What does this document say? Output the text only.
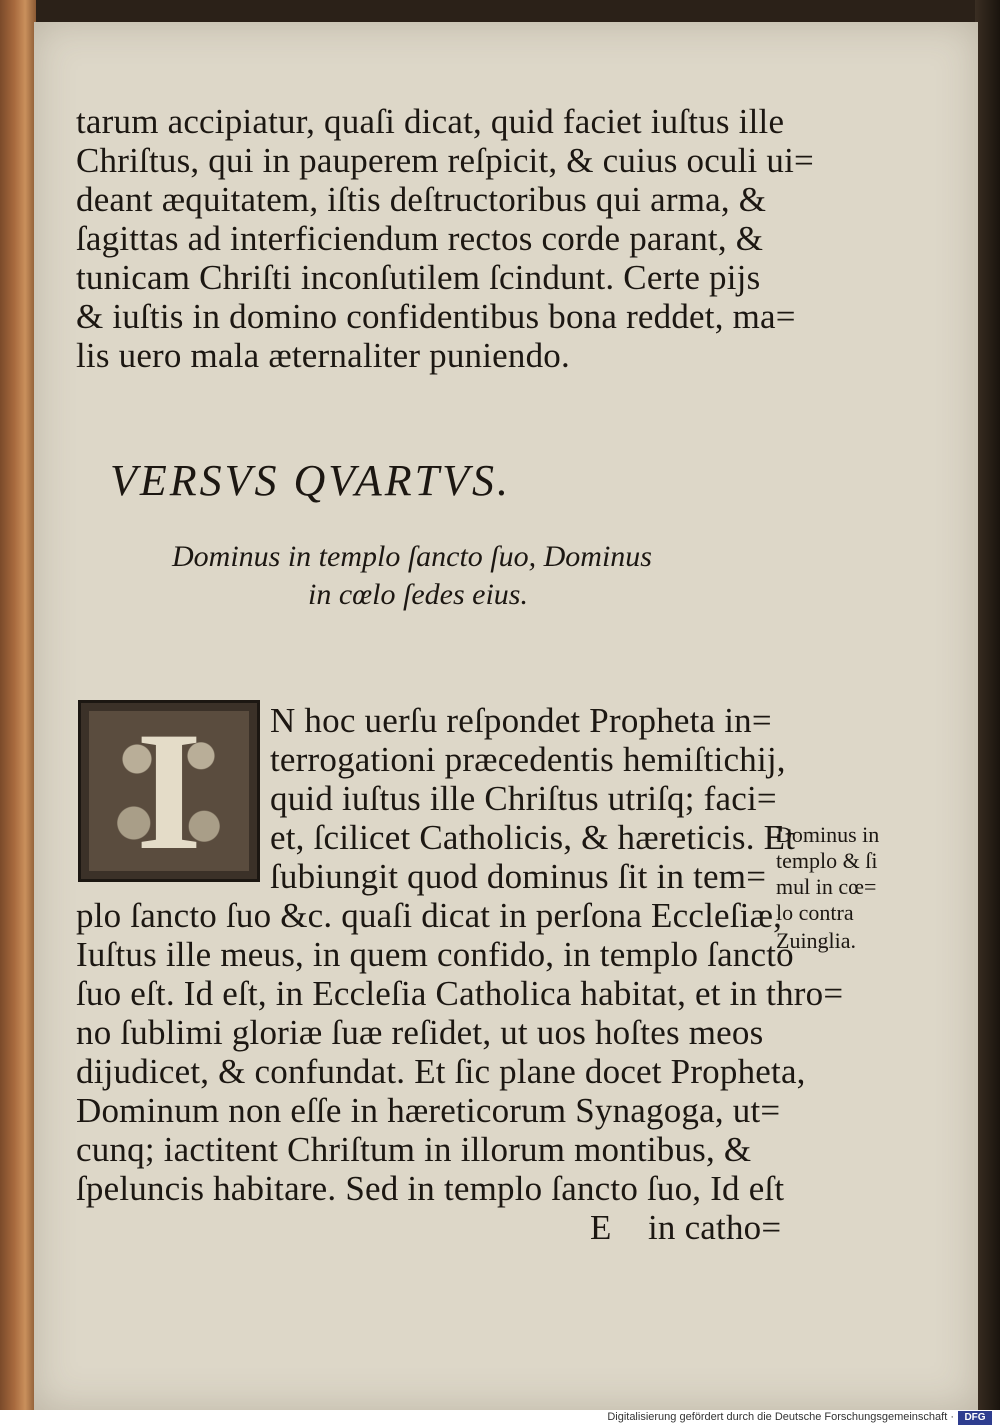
tarum accipiatur, quaſi dicat, quid faciet iuſtus ille
Chriſtus, qui in pauperem reſpicit, & cuius oculi ui=
deant æquitatem, iſtis deſtructoribus qui arma, &
ſagittas ad interficiendum rectos corde parant, &
tunicam Chriſti inconſutilem ſcindunt. Certe pijs
& iuſtis in domino confidentibus bona reddet, ma=
lis uero mala æternaliter puniendo.
VERSVS QVARTVS.
Dominus in templo ſancto ſuo, Dominus
in cœlo ſedes eius.
I	N hoc uerſu reſpondet Propheta in=
terrogationi præcedentis hemiſtichij,
quid iuſtus ille Chriſtus utriſq; faci=
et, ſcilicet Catholicis, & hæreticis. Et
ſubiungit quod dominus ſit in tem=
plo ſancto ſuo &c. quaſi dicat in perſona Eccleſiæ,
Iuſtus ille meus, in quem confido, in templo ſancto
ſuo eſt. Id eſt, in Eccleſia Catholica habitat, et in thro=
no ſublimi gloriæ ſuæ reſidet, ut uos hoſtes meos
dijudicet, & confundat. Et ſic plane docet Propheta,
Dominum non eſſe in hæreticorum Synagoga, ut=
cunq; iactitent Chriſtum in illorum montibus, &
ſpeluncis habitare. Sed in templo ſancto ſuo, Id eſt
E in catho=
Dominus in
templo & ſi
mul in cœ=
lo contra
Zuinglia.
Digitalisierung gefördert durch die Deutsche Forschungsgemeinschaft ·	DFG
